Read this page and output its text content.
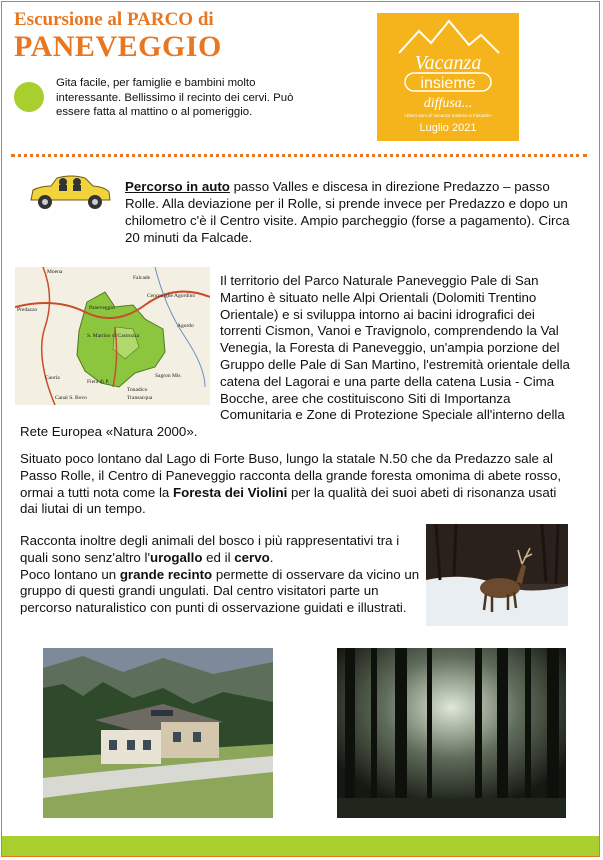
Escursione al PARCO di
PANEVEGGIO
Gita facile, per famiglie e bambini molto interessante. Bellissimo il recinto dei cervi. Può essere fatta al mattino o al pomeriggio.
Vacanza
insieme
diffusa...
«Dieci anni di Vacanze Insieme a Falcade»
Luglio 2021
Percorso in auto passo Valles e discesa in direzione Predazzo – passo Rolle. Alla deviazione per il Rolle, si prende invece per Predazzo e dopo un chilometro c'è il Centro visite. Ampio parcheggio (forse a pagamento). Circa 20 minuti da Falcade.
Moena
Falcade
Predazzo	Paneveggio
Cencenighe Agordino
S. Martino di Castrozza
Agordo
Caoria
Canal S. Bovo
Fiera di P.
Sagron Mis
Tonadico
Transacqua
Il territorio del Parco Naturale Paneveggio Pale di San Martino è situato nelle Alpi Orientali (Dolomiti Trentino Orientale) e si sviluppa intorno ai bacini idrografici dei torrenti Cismon, Vanoi e Travignolo, comprendendo la Val Venegia, la Foresta di Paneveggio, un'ampia porzione del Gruppo delle Pale di San Martino, l'estremità orientale della catena del Lagorai e una parte della catena Lusia - Cima Bocche, aree che costituiscono Siti di Importanza Comunitaria e Zone di Protezione Speciale all'interno della Rete Europea «Natura 2000».
Situato poco lontano dal Lago di Forte Buso, lungo la statale N.50 che da Predazzo sale al Passo Rolle, il Centro di Paneveggio racconta della grande foresta omonima di abete rosso, ormai a tutti nota come la Foresta dei Violini per la qualità dei suoi abeti di risonanza usati dai liutai di un tempo.
Racconta inoltre degli animali del bosco i più rappresentativi tra i quali sono senz'altro l'urogallo ed il cervo.
Poco lontano un grande recinto permette di osservare da vicino un gruppo di questi grandi ungulati. Dal centro visitatori parte un percorso naturalistico con punti di osservazione guidati e illustrati.
